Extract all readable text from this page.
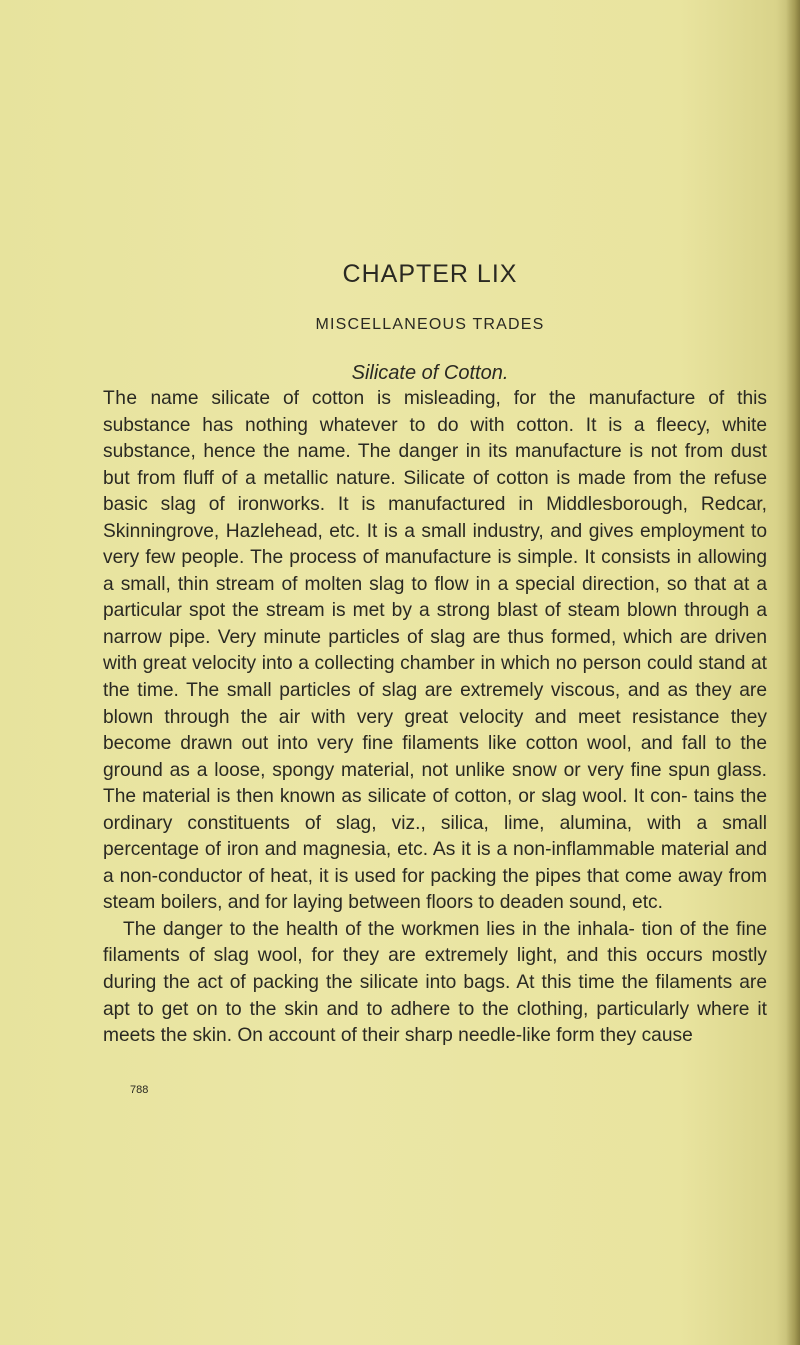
CHAPTER LIX
MISCELLANEOUS TRADES
Silicate of Cotton.

The name silicate of cotton is misleading, for the manufacture of this substance has nothing whatever to do with cotton. It is a fleecy, white substance, hence the name. The danger in its manufacture is not from dust but from fluff of a metallic nature. Silicate of cotton is made from the refuse basic slag of ironworks. It is manufactured in Middlesborough, Redcar, Skinningrove, Hazlehead, etc. It is a small industry, and gives employment to very few people. The process of manufacture is simple. It consists in allowing a small, thin stream of molten slag to flow in a special direction, so that at a particular spot the stream is met by a strong blast of steam blown through a narrow pipe. Very minute particles of slag are thus formed, which are driven with great velocity into a collecting chamber in which no person could stand at the time. The small particles of slag are extremely viscous, and as they are blown through the air with very great velocity and meet resistance they become drawn out into very fine filaments like cotton wool, and fall to the ground as a loose, spongy material, not unlike snow or very fine spun glass. The material is then known as silicate of cotton, or slag wool. It con- tains the ordinary constituents of slag, viz., silica, lime, alumina, with a small percentage of iron and magnesia, etc. As it is a non-inflammable material and a non-conductor of heat, it is used for packing the pipes that come away from steam boilers, and for laying between floors to deaden sound, etc.

The danger to the health of the workmen lies in the inhala- tion of the fine filaments of slag wool, for they are extremely light, and this occurs mostly during the act of packing the silicate into bags. At this time the filaments are apt to get on to the skin and to adhere to the clothing, particularly where it meets the skin. On account of their sharp needle-like form they cause

788
